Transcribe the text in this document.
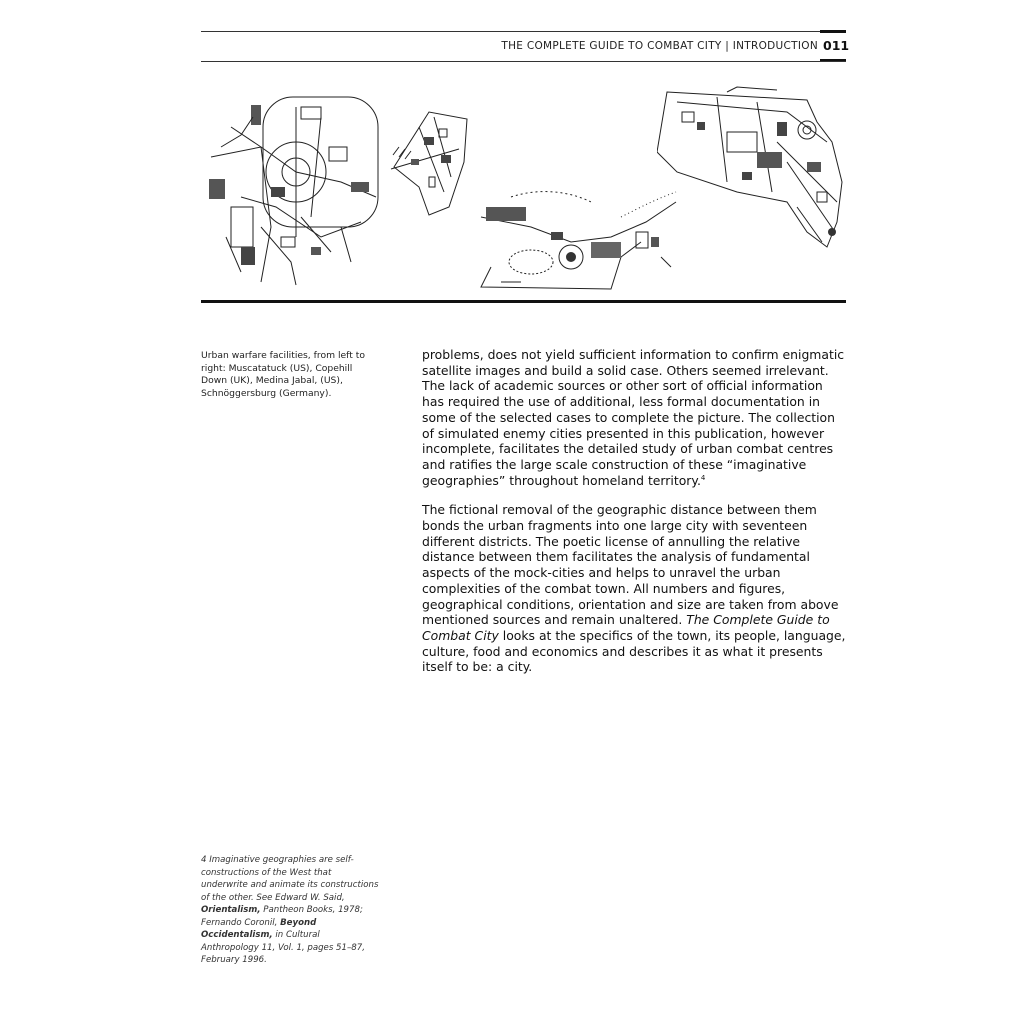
THE COMPLETE GUIDE TO COMBAT CITY | INTRODUCTION 011
Urban warfare facilities, from left to right: Muscatatuck (US), Copehill Down (UK), Medina Jabal, (US), Schnöggersburg (Germany).

problems, does not yield sufficient information to confirm enigmatic satellite images and build a solid case. Others seemed irrelevant. The lack of academic sources or other sort of official information has required the use of additional, less formal documentation in some of the selected cases to complete the picture. The collection of simulated enemy cities presented in this publication, however incomplete, facilitates the detailed study of urban combat centres and ratifies the large scale construction of these “imaginative geographies” throughout homeland territory.$^4$

The fictional removal of the geographic distance between them bonds the urban fragments into one large city with seventeen different districts. The poetic license of annulling the relative distance between them facilitates the analysis of fundamental aspects of the mock-cities and helps to unravel the urban complexities of the combat town. All numbers and figures, geographical conditions, orientation and size are taken from above mentioned sources and remain unaltered. The Complete Guide to Combat City looks at the specifics of the town, its people, language, culture, food and economics and describes it as what it presents itself to be: a city.

4 Imaginative geographies are self-constructions of the West that underwrite and animate its constructions of the other. See Edward W. Said, Orientalism, Pantheon Books, 1978; Fernando Coronil, Beyond Occidentalism, in Cultural Anthropology 11, Vol. 1, pages 51–87, February 1996.
